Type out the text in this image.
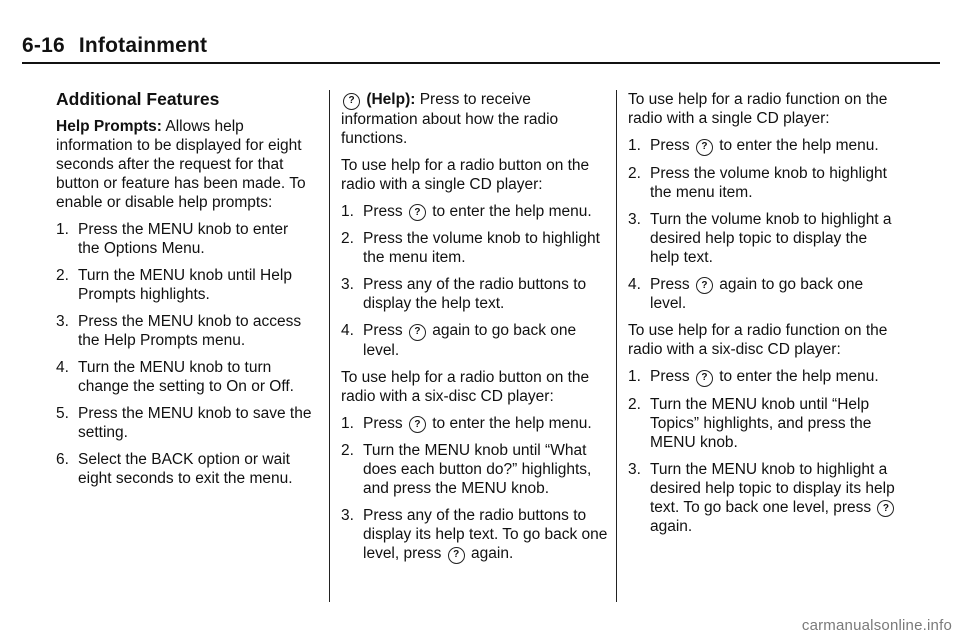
6-16 Infotainment
Additional Features

Help Prompts: Allows help information to be displayed for eight seconds after the request for that button or feature has been made. To enable or disable help prompts:

1. Press the MENU knob to enter the Options Menu.
2. Turn the MENU knob until Help Prompts highlights.
3. Press the MENU knob to access the Help Prompts menu.
4. Turn the MENU knob to turn change the setting to On or Off.
5. Press the MENU knob to save the setting.
6. Select the BACK option or wait eight seconds to exit the menu.

? (Help): Press to receive information about how the radio functions.

To use help for a radio button on the radio with a single CD player:

1. Press ? to enter the help menu.
2. Press the volume knob to highlight the menu item.
3. Press any of the radio buttons to display the help text.
4. Press ? again to go back one level.

To use help for a radio button on the radio with a six-disc CD player:

1. Press ? to enter the help menu.
2. Turn the MENU knob until “What does each button do?” highlights, and press the MENU knob.
3. Press any of the radio buttons to display its help text. To go back one level, press ? again.

To use help for a radio function on the radio with a single CD player:

1. Press ? to enter the help menu.
2. Press the volume knob to highlight the menu item.
3. Turn the volume knob to highlight a desired help topic to display the help text.
4. Press ? again to go back one level.

To use help for a radio function on the radio with a six-disc CD player:

1. Press ? to enter the help menu.
2. Turn the MENU knob until “Help Topics” highlights, and press the MENU knob.
3. Turn the MENU knob to highlight a desired help topic to display its help text. To go back one level, press ? again.
carmanualsonline.info
